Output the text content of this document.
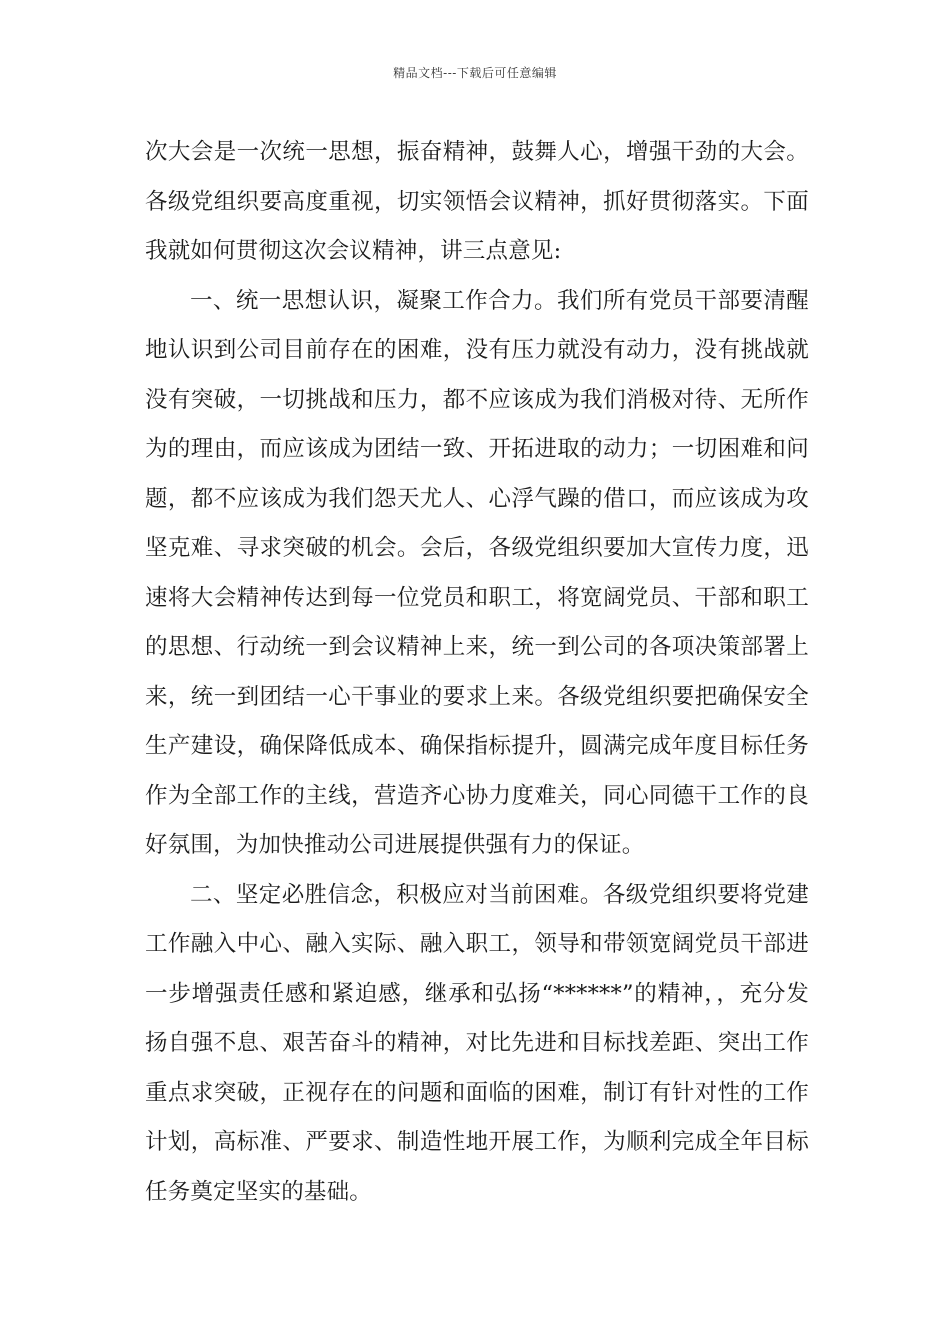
精品文档---下载后可任意编辑

次大会是一次统一思想，振奋精神，鼓舞人心，增强干劲的大会。各级党组织要高度重视，切实领悟会议精神，抓好贯彻落实。下面我就如何贯彻这次会议精神，讲三点意见:

一、统一思想认识，凝聚工作合力。我们所有党员干部要清醒地认识到公司目前存在的困难，没有压力就没有动力，没有挑战就没有突破，一切挑战和压力，都不应该成为我们消极对待、无所作为的理由，而应该成为团结一致、开拓进取的动力；一切困难和问题，都不应该成为我们怨天尤人、心浮气躁的借口，而应该成为攻坚克难、寻求突破的机会。会后，各级党组织要加大宣传力度，迅速将大会精神传达到每一位党员和职工，将宽阔党员、干部和职工的思想、行动统一到会议精神上来，统一到公司的各项决策部署上来，统一到团结一心干事业的要求上来。各级党组织要把确保安全生产建设，确保降低成本、确保指标提升，圆满完成年度目标任务作为全部工作的主线，营造齐心协力度难关，同心同德干工作的良好氛围，为加快推动公司进展提供强有力的保证。

二、坚定必胜信念，积极应对当前困难。各级党组织要将党建工作融入中心、融入实际、融入职工，领导和带领宽阔党员干部进一步增强责任感和紧迫感，继承和弘扬“******”的精神，，充分发扬自强不息、艰苦奋斗的精神，对比先进和目标找差距、突出工作重点求突破，正视存在的问题和面临的困难，制订有针对性的工作计划，高标准、严要求、制造性地开展工作，为顺利完成全年目标任务奠定坚实的基础。
